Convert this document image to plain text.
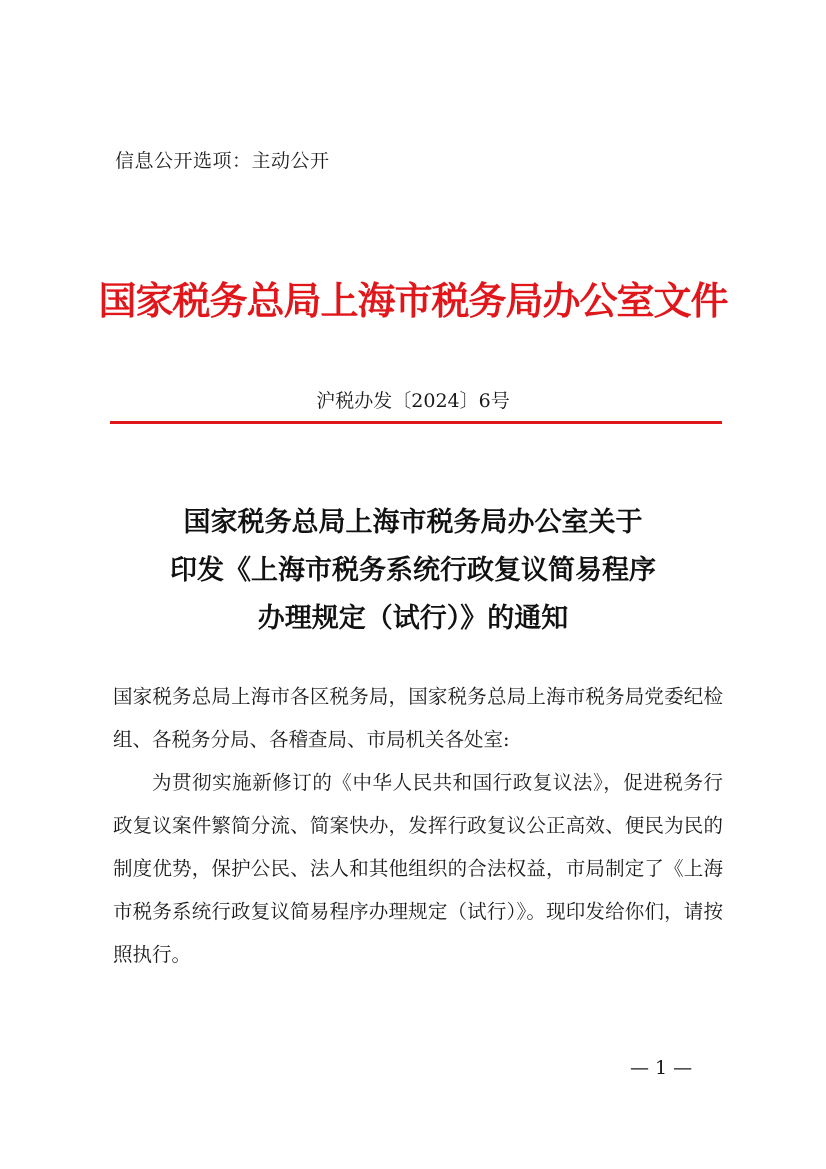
信息公开选项：主动公开
国家税务总局上海市税务局办公室文件
沪税办发〔2024〕6号
国家税务总局上海市税务局办公室关于
印发《上海市税务系统行政复议简易程序
办理规定（试行）》的通知
国家税务总局上海市各区税务局，国家税务总局上海市税务局党委纪检组、各税务分局、各稽查局、市局机关各处室:
为贯彻实施新修订的《中华人民共和国行政复议法》，促进税务行政复议案件繁简分流、简案快办，发挥行政复议公正高效、便民为民的制度优势，保护公民、法人和其他组织的合法权益，市局制定了《上海市税务系统行政复议简易程序办理规定（试行）》。现印发给你们，请按照执行。
— 1 —
